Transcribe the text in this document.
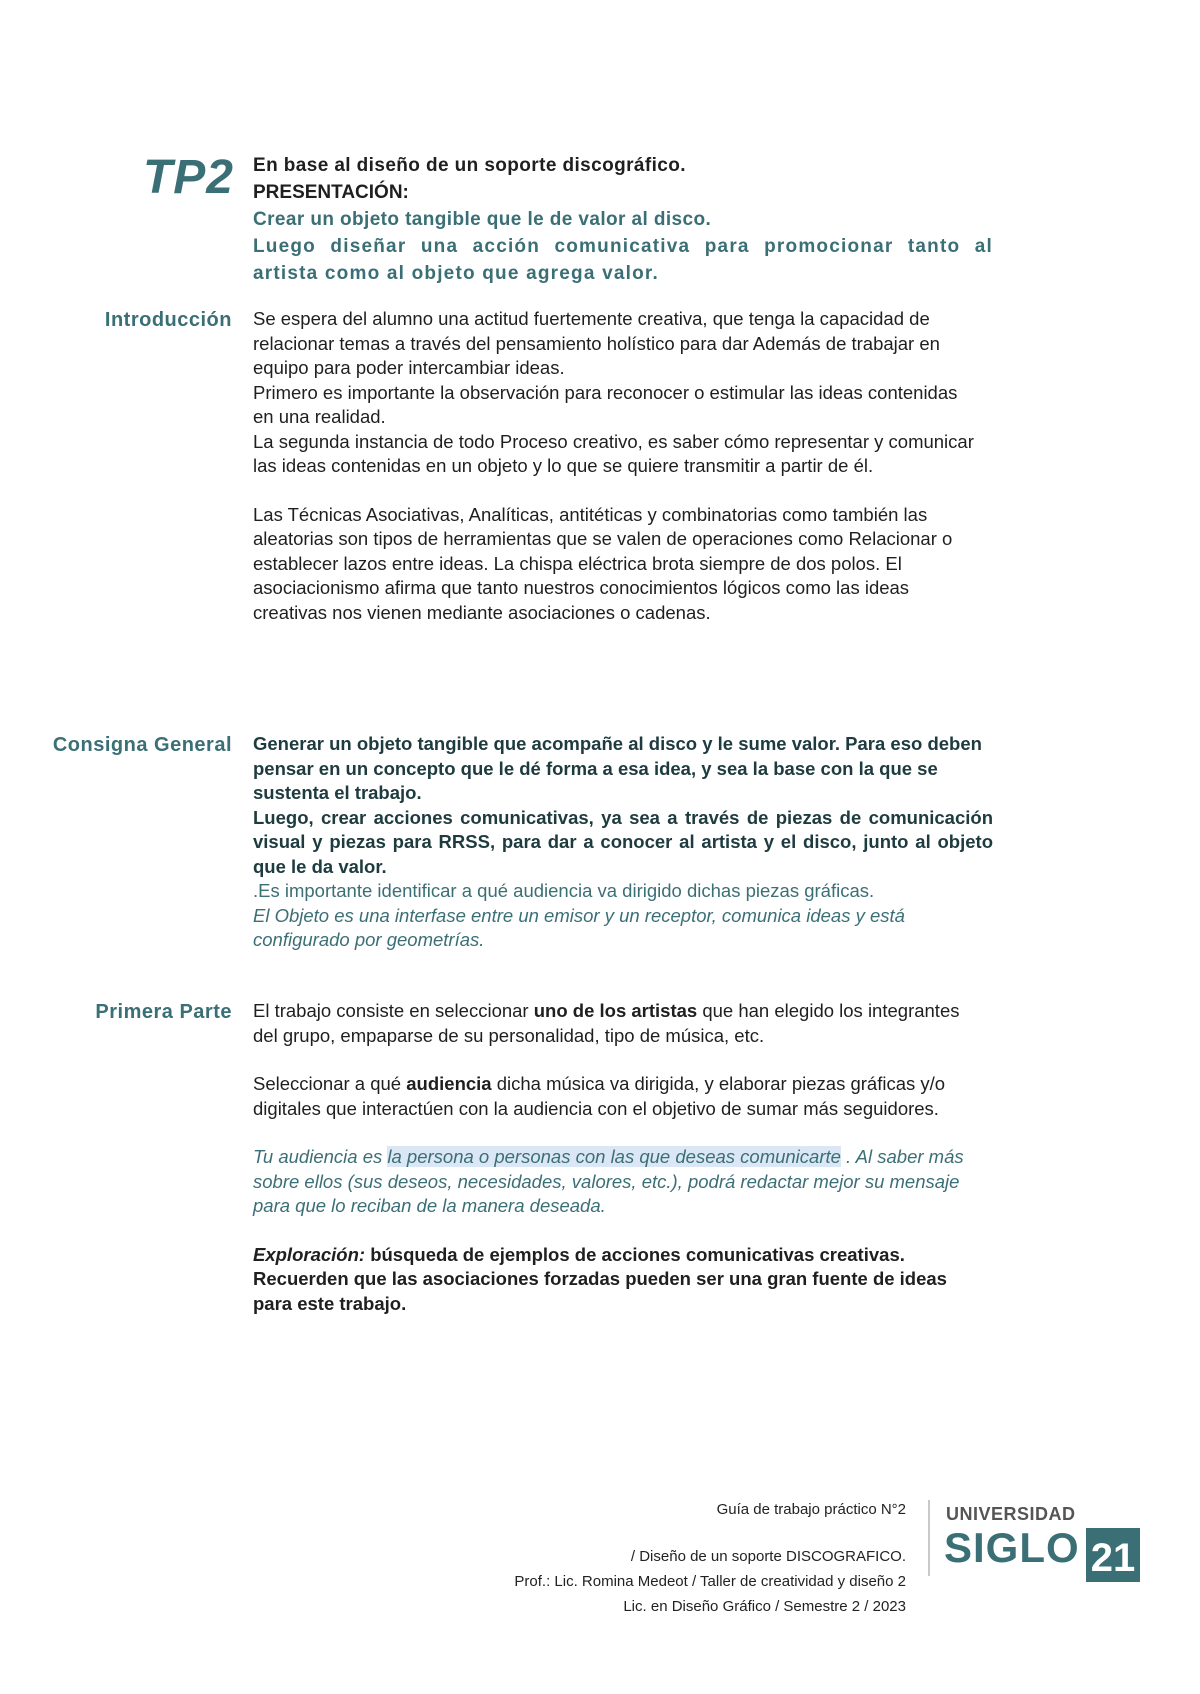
TP2 En base al diseño de un soporte discográfico.

PRESENTACIÓN:

Crear un objeto tangible que le de valor al disco.

Luego diseñar una acción comunicativa para promocionar tanto al artista como al objeto que agrega valor.

Introducción Se espera del alumno una actitud fuertemente creativa, que tenga la capacidad de relacionar temas a través del pensamiento holístico para dar Además de trabajar en equipo para poder intercambiar ideas.

Primero es importante la observación para reconocer o estimular las ideas contenidas en una realidad.

La segunda instancia de todo Proceso creativo, es saber cómo representar y comunicar las ideas contenidas en un objeto y lo que se quiere transmitir a partir de él.

Las Técnicas Asociativas, Analíticas, antitéticas y combinatorias como también las aleatorias son tipos de herramientas que se valen de operaciones como Relacionar o establecer lazos entre ideas. La chispa eléctrica brota siempre de dos polos. El asociacionismo afirma que tanto nuestros conocimientos lógicos como las ideas creativas nos vienen mediante asociaciones o cadenas.

Consigna General Generar un objeto tangible que acompañe al disco y le sume valor. Para eso deben pensar en un concepto que le dé forma a esa idea, y sea la base con la que se sustenta el trabajo.

Luego, crear acciones comunicativas, ya sea a través de piezas de comunicación visual y piezas para RRSS, para dar a conocer al artista y el disco, junto al objeto que le da valor.

.Es importante identificar a qué audiencia va dirigido dichas piezas gráficas.

El Objeto es una interfase entre un emisor y un receptor, comunica ideas y está configurado por geometrías.

Primera Parte El trabajo consiste en seleccionar uno de los artistas que han elegido los integrantes del grupo, empaparse de su personalidad, tipo de música, etc.

Seleccionar a qué audiencia dicha música va dirigida, y elaborar piezas gráficas y/o digitales que interactúen con la audiencia con el objetivo de sumar más seguidores.

Tu audiencia es la persona o personas con las que deseas comunicarte . Al saber más sobre ellos (sus deseos, necesidades, valores, etc.), podrá redactar mejor su mensaje para que lo reciban de la manera deseada.

Exploración: búsqueda de ejemplos de acciones comunicativas creativas. Recuerden que las asociaciones forzadas pueden ser una gran fuente de ideas para este trabajo.

Guía de trabajo práctico N°2
/ Diseño de un soporte DISCOGRAFICO.
Prof.: Lic. Romina Medeot / Taller de creatividad y diseño 2
Lic. en Diseño Gráfico / Semestre 2 / 2023
UNIVERSIDAD
SIGLO 21
